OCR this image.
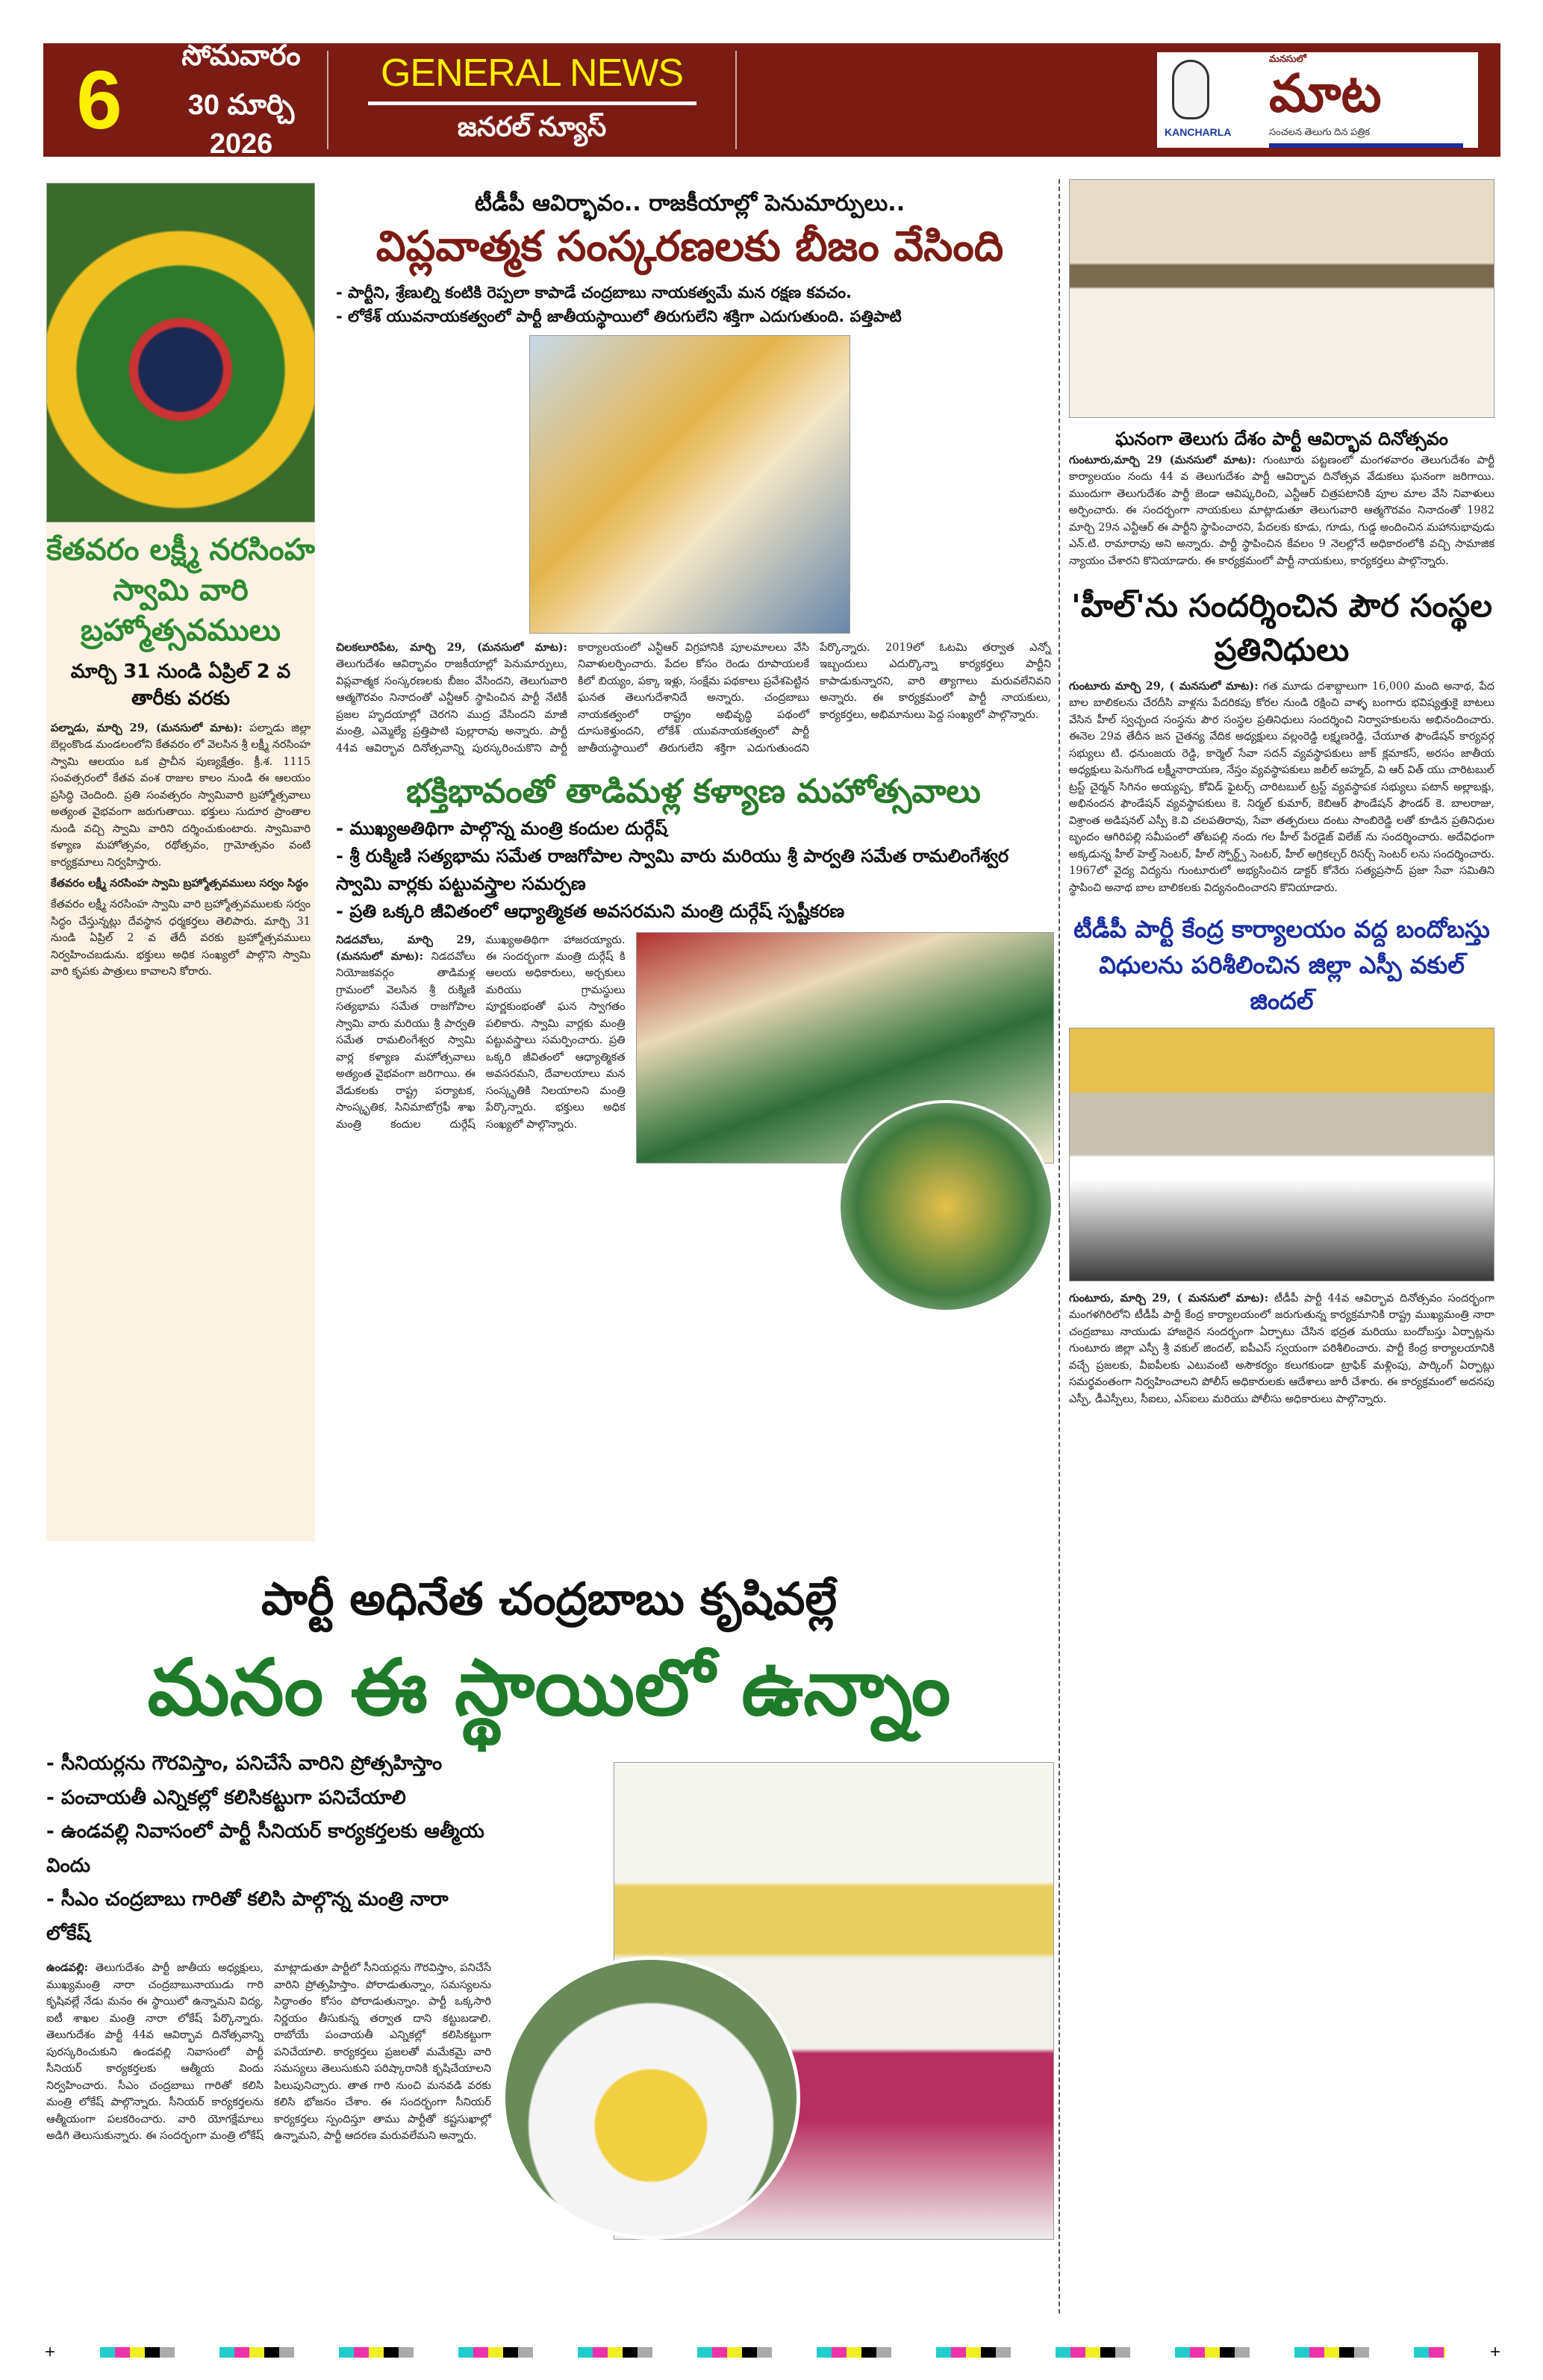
6	సోమవారం
30 మార్చి 2026
GENERAL NEWS
జనరల్ న్యూస్	KANCHARLA
మనసులో
మాట
సంచలన తెలుగు దిన పత్రిక
కేతవరం లక్ష్మీ నరసింహ స్వామి వారి బ్రహ్మోత్సవములు
మార్చి 31 నుండి ఏప్రిల్ 2 వ తారీకు వరకు
పల్నాడు, మార్చి 29, (మనసులో మాట): పల్నాడు జిల్లా బెల్లంకొండ మండలంలోని కేతవరం లో వెలసిన శ్రీ లక్ష్మీ నరసింహ స్వామి ఆలయం ఒక ప్రాచీన పుణ్యక్షేత్రం. క్రీ.శ. 1115 సంవత్సరంలో కేతవ వంశ రాజుల కాలం నుండి ఈ ఆలయం ప్రసిద్ధి చెందింది. ప్రతి సంవత్సరం స్వామివారి బ్రహ్మోత్సవాలు అత్యంత వైభవంగా జరుగుతాయి. భక్తులు సుదూర ప్రాంతాల నుండి వచ్చి స్వామి వారిని దర్శించుకుంటారు. స్వామివారి కళ్యాణ మహోత్సవం, రథోత్సవం, గ్రామోత్సవం వంటి కార్యక్రమాలు నిర్వహిస్తారు.
కేతవరం లక్ష్మీ నరసింహ స్వామి బ్రహ్మోత్సవములు సర్వం సిద్ధం
కేతవరం లక్ష్మీ నరసింహ స్వామి వారి బ్రహ్మోత్సవములకు సర్వం సిద్ధం చేస్తున్నట్లు దేవస్థాన ధర్మకర్తలు తెలిపారు. మార్చి 31 నుండి ఏప్రిల్ 2 వ తేదీ వరకు బ్రహ్మోత్సవములు నిర్వహించబడును. భక్తులు అధిక సంఖ్యలో పాల్గొని స్వామి వారి కృపకు పాత్రులు కావాలని కోరారు.
టీడీపీ ఆవిర్భావం.. రాజకీయాల్లో పెనుమార్పులు..
విప్లవాత్మక సంస్కరణలకు బీజం వేసింది
- పార్టీని, శ్రేణుల్ని కంటికి రెప్పలా కాపాడే చంద్రబాబు నాయకత్వమే మన రక్షణ కవచం.
- లోకేశ్ యువనాయకత్వంలో పార్టీ జాతీయస్థాయిలో తిరుగులేని శక్తిగా ఎదుగుతుంది. పత్తిపాటి
చిలకలూరిపేట, మార్చి 29, (మనసులో మాట): తెలుగుదేశం ఆవిర్భావం రాజకీయాల్లో పెనుమార్పులు, విప్లవాత్మక సంస్కరణలకు బీజం వేసిందని, తెలుగువారి ఆత్మగౌరవం నినాదంతో ఎన్టీఆర్ స్థాపించిన పార్టీ నేటికీ ప్రజల హృదయాల్లో చెరగని ముద్ర వేసిందని మాజీ మంత్రి, ఎమ్మెల్యే ప్రత్తిపాటి పుల్లారావు అన్నారు. పార్టీ 44వ ఆవిర్భావ దినోత్సవాన్ని పురస్కరించుకొని పార్టీ కార్యాలయంలో ఎన్టీఆర్ విగ్రహానికి పూలమాలలు వేసి నివాళులర్పించారు. పేదల కోసం రెండు రూపాయలకే కిలో బియ్యం, పక్కా ఇళ్లు, సంక్షేమ పథకాలు ప్రవేశపెట్టిన ఘనత తెలుగుదేశానిదే అన్నారు. చంద్రబాబు నాయకత్వంలో రాష్ట్రం అభివృద్ధి పథంలో దూసుకెళ్తుందని, లోకేశ్ యువనాయకత్వంలో పార్టీ జాతీయస్థాయిలో తిరుగులేని శక్తిగా ఎదుగుతుందని పేర్కొన్నారు. 2019లో ఓటమి తర్వాత ఎన్నో ఇబ్బందులు ఎదుర్కొన్నా కార్యకర్తలు పార్టీని కాపాడుకున్నారని, వారి త్యాగాలు మరువలేనివని అన్నారు. ఈ కార్యక్రమంలో పార్టీ నాయకులు, కార్యకర్తలు, అభిమానులు పెద్ద సంఖ్యలో పాల్గొన్నారు.
భక్తిభావంతో తాడిమళ్ల కళ్యాణ మహోత్సవాలు
- ముఖ్యఅతిథిగా పాల్గొన్న మంత్రి కందుల దుర్గేష్
- శ్రీ రుక్మిణి సత్యభామ సమేత రాజగోపాల స్వామి వారు మరియు శ్రీ పార్వతి సమేత రామలింగేశ్వర స్వామి వార్లకు పట్టువస్త్రాల సమర్పణ
- ప్రతి ఒక్కరి జీవితంలో ఆధ్యాత్మికత అవసరమని మంత్రి దుర్గేష్ స్పష్టీకరణ
నిడదవోలు, మార్చి 29, (మనసులో మాట): నిడదవోలు నియోజకవర్గం తాడిమళ్ల గ్రామంలో వెలసిన శ్రీ రుక్మిణి సత్యభామ సమేత రాజగోపాల స్వామి వారు మరియు శ్రీ పార్వతి సమేత రామలింగేశ్వర స్వామి వార్ల కళ్యాణ మహోత్సవాలు అత్యంత వైభవంగా జరిగాయి. ఈ వేడుకలకు రాష్ట్ర పర్యాటక, సాంస్కృతిక, సినిమాటోగ్రఫీ శాఖ మంత్రి కందుల దుర్గేష్ ముఖ్యఅతిథిగా హాజరయ్యారు. ఈ సందర్భంగా మంత్రి దుర్గేష్ కి ఆలయ అధికారులు, అర్చకులు మరియు గ్రామస్థులు పూర్ణకుంభంతో ఘన స్వాగతం పలికారు. స్వామి వార్లకు మంత్రి పట్టువస్త్రాలు సమర్పించారు. ప్రతి ఒక్కరి జీవితంలో ఆధ్యాత్మికత అవసరమని, దేవాలయాలు మన సంస్కృతికి నిలయాలని మంత్రి పేర్కొన్నారు. భక్తులు అధిక సంఖ్యలో పాల్గొన్నారు.
ఘనంగా తెలుగు దేశం పార్టీ ఆవిర్భావ దినోత్సవం
గుంటూరు,మార్చి 29 (మనసులో మాట): గుంటూరు పట్టణంలో మంగళవారం తెలుగుదేశం పార్టీ కార్యాలయం నందు 44 వ తెలుగుదేశం పార్టీ ఆవిర్భావ దినోత్సవ వేడుకలు ఘనంగా జరిగాయి. ముందుగా తెలుగుదేశం పార్టీ జెండా ఆవిష్కరించి, ఎన్టీఆర్ చిత్రపటానికి పూల మాల వేసి నివాళులు అర్పించారు. ఈ సందర్భంగా నాయకులు మాట్లాడుతూ తెలుగువారి ఆత్మగౌరవం నినాదంతో 1982 మార్చి 29న ఎన్టీఆర్ ఈ పార్టీని స్థాపించారని, పేదలకు కూడు, గూడు, గుడ్డ అందించిన మహానుభావుడు ఎన్.టి. రామారావు అని అన్నారు. పార్టీ స్థాపించిన కేవలం 9 నెలల్లోనే అధికారంలోకి వచ్చి సామాజిక న్యాయం చేశారని కొనియాడారు. ఈ కార్యక్రమంలో పార్టీ నాయకులు, కార్యకర్తలు పాల్గొన్నారు.
'హీల్'ను సందర్శించిన పౌర సంస్థల ప్రతినిధులు
గుంటూరు మార్చి 29, ( మనసులో మాట): గత మూడు దశాబ్దాలుగా 16,000 మంది అనాథ, పేద బాల బాలికలను చేరదీసి వాళ్లను పేదరికపు కోరల నుండి రక్షించి వాళ్ళ బంగారు భవిష్యత్తుకై బాటలు వేసిన హీల్ స్వచ్ఛంద సంస్థను పౌర సంస్థల ప్రతినిధులు సందర్శించి నిర్వాహకులను అభినందించారు. ఈనెల 29వ తేదీన జన చైతన్య వేదిక అధ్యక్షులు వల్లంరెడ్డి లక్ష్మణరెడ్డి, చేయూత ఫౌండేషన్ కార్యవర్గ సభ్యులు టి. ధనుంజయ రెడ్డి, కార్మెల్ సేవా సదన్ వ్యవస్థాపకులు జాక్ క్లమాకస్, అరసం జాతీయ అధ్యక్షులు పెనుగొండ లక్ష్మీనారాయణ, నేస్తం వ్యవస్థాపకులు జలీల్ అహ్మద్, వి ఆర్ విత్ యు చారిటబుల్ ట్రస్ట్ చైర్మన్ సిగినం అయ్యప్ప, కోవిడ్ ఫైటర్స్ చారిటబుల్ ట్రస్ట్ వ్యవస్థాపక సభ్యులు పటాన్ అల్లాబక్షు, అభినందన ఫౌండేషన్ వ్యవస్థాపకులు కె. నిర్మల్ కుమార్, కెబిఆర్ ఫౌండేషన్ ఫౌండర్ కె. బాలరాజు, విశ్రాంత అడిషనల్ ఎస్పీ కె.వి చలపతిరావు, సేవా తత్పరులు దంటు సాంబిరెడ్డి లతో కూడిన ప్రతినిధుల బృందం ఆగిరిపల్లి సమీపంలో తోటపల్లి నందు గల హీల్ పేరడైజ్ విలేజ్ ను సందర్శించారు. అదేవిధంగా అక్కడున్న హీల్ హెల్త్ సెంటర్, హీల్ స్పోర్ట్స్ సెంటర్, హీల్ అగ్రికల్చర్ రిసర్చ్ సెంటర్ లను సందర్శించారు. 1967లో వైద్య విద్యను గుంటూరులో అభ్యసించిన డాక్టర్ కోనేరు సత్యప్రసాద్ ప్రజా సేవా సమితిని స్థాపించి అనాథ బాల బాలికలకు విద్యనందించారని కొనియాడారు.
టీడీపీ పార్టీ కేంద్ర కార్యాలయం వద్ద బందోబస్తు విధులను పరిశీలించిన జిల్లా ఎస్పీ వకుల్ జిందల్
గుంటూరు, మార్చి 29, ( మనసులో మాట): టీడీపీ పార్టీ 44వ ఆవిర్భావ దినోత్సవం సందర్భంగా మంగళగిరిలోని టీడీపీ పార్టీ కేంద్ర కార్యాలయంలో జరుగుతున్న కార్యక్రమానికి రాష్ట్ర ముఖ్యమంత్రి నారా చంద్రబాబు నాయుడు హాజరైన సందర్భంగా ఏర్పాటు చేసిన భద్రత మరియు బందోబస్తు ఏర్పాట్లను గుంటూరు జిల్లా ఎస్పీ శ్రీ వకుల్ జిందల్, ఐపీఎస్ స్వయంగా పరిశీలించారు. పార్టీ కేంద్ర కార్యాలయానికి వచ్చే ప్రజలకు, వీఐపీలకు ఎటువంటి అసౌకర్యం కలుగకుండా ట్రాఫిక్ మళ్లింపు, పార్కింగ్ ఏర్పాట్లు సమర్థవంతంగా నిర్వహించాలని పోలీస్ అధికారులకు ఆదేశాలు జారీ చేశారు. ఈ కార్యక్రమంలో అదనపు ఎస్పీ, డీఎస్పీలు, సీఐలు, ఎస్ఐలు మరియు పోలీసు అధికారులు పాల్గొన్నారు.
పార్టీ అధినేత చంద్రబాబు కృషివల్లే
మనం ఈ స్థాయిలో ఉన్నాం
- సీనియర్లను గౌరవిస్తాం, పనిచేసే వారిని ప్రోత్సహిస్తాం
- పంచాయతీ ఎన్నికల్లో కలిసికట్టుగా పనిచేయాలి
- ఉండవల్లి నివాసంలో పార్టీ సీనియర్ కార్యకర్తలకు ఆత్మీయ విందు
- సీఎం చంద్రబాబు గారితో కలిసి పాల్గొన్న మంత్రి నారా లోకేష్
ఉండవల్లి: తెలుగుదేశం పార్టీ జాతీయ అధ్యక్షులు, ముఖ్యమంత్రి నారా చంద్రబాబునాయుడు గారి కృషివల్లే నేడు మనం ఈ స్థాయిలో ఉన్నామని విద్య, ఐటీ శాఖల మంత్రి నారా లోకేష్ పేర్కొన్నారు. తెలుగుదేశం పార్టీ 44వ ఆవిర్భావ దినోత్సవాన్ని పురస్కరించుకుని ఉండవల్లి నివాసంలో పార్టీ సీనియర్ కార్యకర్తలకు ఆత్మీయ విందు నిర్వహించారు. సీఎం చంద్రబాబు గారితో కలిసి మంత్రి లోకేష్ పాల్గొన్నారు. సీనియర్ కార్యకర్తలను ఆత్మీయంగా పలకరించారు. వారి యోగక్షేమాలు అడిగి తెలుసుకున్నారు. ఈ సందర్భంగా మంత్రి లోకేష్ మాట్లాడుతూ పార్టీలో సీనియర్లను గౌరవిస్తాం, పనిచేసే వారిని ప్రోత్సహిస్తాం. పోరాడుతున్నాం, సమస్యలను సిద్ధాంతం కోసం పోరాడుతున్నాం. పార్టీ ఒక్కసారి నిర్ణయం తీసుకున్న తర్వాత దాని కట్టుబడాలి. రాబోయే పంచాయతీ ఎన్నికల్లో కలిసికట్టుగా పనిచేయాలి. కార్యకర్తలు ప్రజలతో మమేకమై వారి సమస్యలు తెలుసుకుని పరిష్కారానికి కృషిచేయాలని పిలుపునిచ్చారు. తాత గారి నుంచి మనవడి వరకు కలిసి భోజనం చేశాం. ఈ సందర్భంగా సీనియర్ కార్యకర్తలు స్పందిస్తూ తాము పార్టీతో కష్టసుఖాల్లో ఉన్నామని, పార్టీ ఆదరణ మరువలేమని అన్నారు.
+	+
